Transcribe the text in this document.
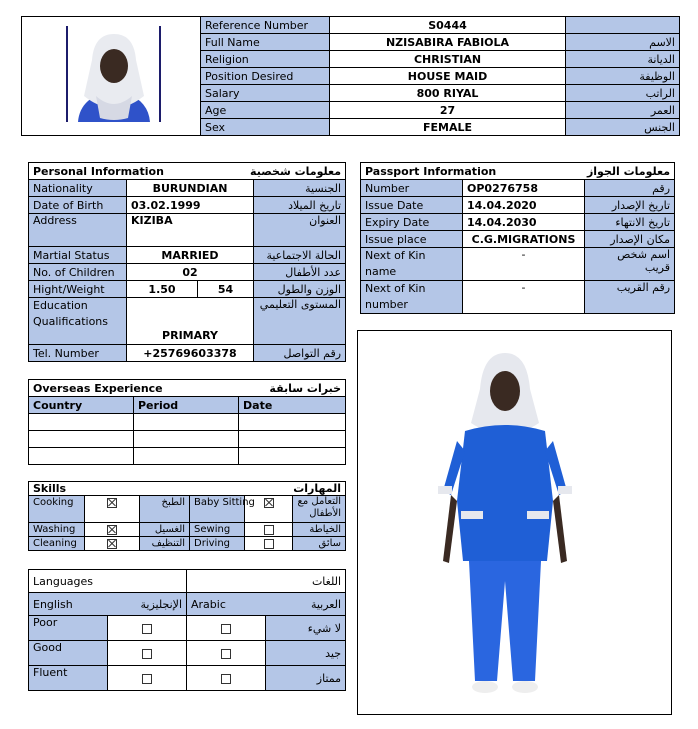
Reference Number	S0444	
Full Name	NZISABIRA FABIOLA	الاسم
Religion	CHRISTIAN	الديانة
Position Desired	HOUSE MAID	الوظيفة
Salary	800 RIYAL	الراتب
Age	27	العمر
Sex	FEMALE	الجنس
Personal Information		معلومات شخصية	
Nationality	BURUNDIAN		الجنسية
Date of Birth	03.02.1999		تاريخ الميلاد
Address	KIZIBA		العنوان
Martial Status	MARRIED		الحالة الاجتماعية
No. of Children	02		عدد الأطفال
Hight/Weight	1.50	54	الوزن والطول
Education Qualifications	PRIMARY		المستوى التعليمي
Tel. Number	+25769603378		رقم التواصل
Passport Information		معلومات الجواز
Number	OP0276758	رقم
Issue Date	14.04.2020	تاريخ الإصدار
Expiry Date	14.04.2030	تاريخ الانتهاء
Issue place	C.G.MIGRATIONS	مكان الإصدار
Next of Kin name	-	اسم شخص قريب
Next of Kin number	-	رقم القريب
Overseas Experience		خبرات سابقة
Country	Period	Date

Skills			المهارات		
Cooking		الطبخ	Baby Sitting		التعامل مع الأطفال
Washing		الغسيل	Sewing		الخياطة
Cleaning		التنظيف	Driving		سائق
Languages		اللغات	
English	الإنجليزية	Arabic	العربية
Poor			لا شيء
Good			جيد
Fluent			ممتاز
